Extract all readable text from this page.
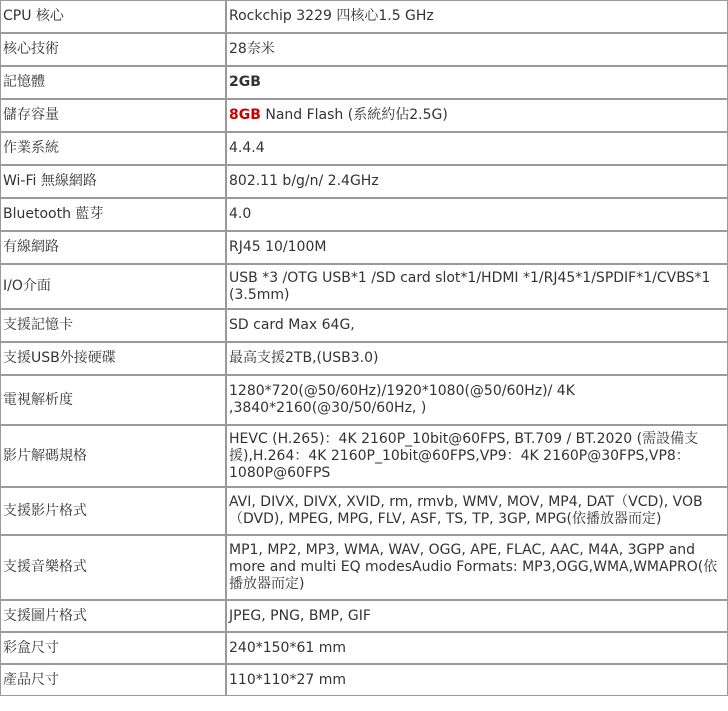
CPU 核心	Rockchip 3229 四核心1.5 GHz
核心技術	28奈米
記憶體	2GB
儲存容量	8GB Nand Flash (系統約佔2.5G)
作業系統	4.4.4
Wi-Fi 無線網路	802.11 b/g/n/ 2.4GHz
Bluetooth 藍芽	4.0
有線網路	RJ45 10/100M
I/O介面	USB *3 /OTG USB*1 /SD card slot*1/HDMI *1/RJ45*1/SPDIF*1/CVBS*1 (3.5mm)
支援記憶卡	SD card Max 64G,
支援USB外接硬碟	最高支援2TB,(USB3.0)
電視解析度	1280*720(@50/60Hz)/1920*1080(@50/60Hz)/ 4K ,3840*2160(@30/50/60Hz, )
影片解碼規格	HEVC (H.265)：4K 2160P_10bit@60FPS, BT.709 / BT.2020 (需設備支援),H.264：4K 2160P_10bit@60FPS,VP9：4K 2160P@30FPS,VP8：1080P@60FPS
支援影片格式	AVI, DIVX, DIVX, XVID, rm, rmvb, WMV, MOV, MP4, DAT（VCD), VOB（DVD), MPEG, MPG, FLV, ASF, TS, TP, 3GP, MPG(依播放器而定)
支援音樂格式	MP1, MP2, MP3, WMA, WAV, OGG, APE, FLAC, AAC, M4A, 3GPP and more and multi EQ modesAudio Formats: MP3,OGG,WMA,WMAPRO(依播放器而定)
支援圖片格式	JPEG, PNG, BMP, GIF
彩盒尺寸	240*150*61 mm
產品尺寸	110*110*27 mm
